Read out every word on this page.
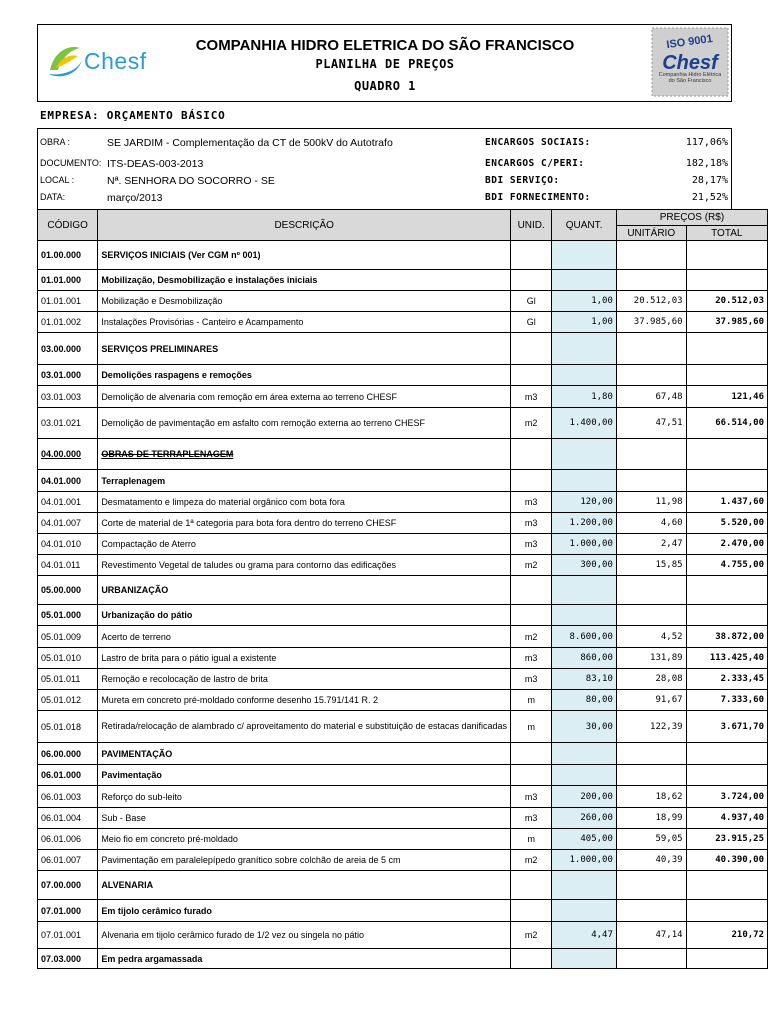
Chesf
COMPANHIA HIDRO ELETRICA DO SÃO FRANCISCO
PLANILHA DE PREÇOS
QUADRO 1
ISO 9001
Chesf
Companhia Hidro Elétrica do São Francisco
EMPRESA: ORÇAMENTO BÁSICO
OBRA :	SE JARDIM - Complementação da CT de 500kV do Autotrafo	ENCARGOS SOCIAIS:	117,06%
DOCUMENTO: ITS-DEAS-003-2013	ENCARGOS C/PERI:	182,18%
LOCAL :	Nª. SENHORA DO SOCORRO - SE	BDI SERVIÇO:	28,17%
DATA:	março/2013	BDI FORNECIMENTO:	21,52%
CÓDIGO	DESCRIÇÃO	UNID.	QUANT.	PREÇOS (R$)	
				UNITÁRIO	TOTAL
01.00.000	SERVIÇOS INICIAIS (Ver CGM nº 001)				
01.01.000	Mobilização, Desmobilização e instalações iniciais				
01.01.001	Mobilização e Desmobilização	Gl	1,00	20.512,03	20.512,03
01.01.002	Instalações Provisórias - Canteiro e Acampamento	Gl	1,00	37.985,60	37.985,60
03.00.000	SERVIÇOS PRELIMINARES				
03.01.000	Demolições raspagens e remoções				
03.01.003	Demolição de alvenaria com remoção em área externa ao terreno CHESF	m3	1,80	67,48	121,46
03.01.021	Demolição de pavimentação em asfalto com remoção externa ao terreno CHESF	m2	1.400,00	47,51	66.514,00
04.00.000	OBRAS DE TERRAPLENAGEM				
04.01.000	Terraplenagem				
04.01.001	Desmatamento e limpeza do material orgânico com bota fora	m3	120,00	11,98	1.437,60
04.01.007	Corte de material de 1ª categoria para bota fora dentro do terreno CHESF	m3	1.200,00	4,60	5.520,00
04.01.010	Compactação de Aterro	m3	1.000,00	2,47	2.470,00
04.01.011	Revestimento Vegetal de taludes ou grama para contorno das edificações	m2	300,00	15,85	4.755,00
05.00.000	URBANIZAÇÃO				
05.01.000	Urbanização do pátio				
05.01.009	Acerto de terreno	m2	8.600,00	4,52	38.872,00
05.01.010	Lastro de brita para o pátio igual a existente	m3	860,00	131,89	113.425,40
05.01.011	Remoção e recolocação de lastro de brita	m3	83,10	28,08	2.333,45
05.01.012	Mureta em concreto pré-moldado conforme desenho 15.791/141 R. 2	m	80,00	91,67	7.333,60
05.01.018	Retirada/relocação de alambrado c/ aproveitamento do material e substituição de estacas danificadas	m	30,00	122,39	3.671,70
06.00.000	PAVIMENTAÇÃO				
06.01.000	Pavimentação				
06.01.003	Reforço do sub-leito	m3	200,00	18,62	3.724,00
06.01.004	Sub - Base	m3	260,00	18,99	4.937,40
06.01.006	Meio fio em concreto pré-moldado	m	405,00	59,05	23.915,25
06.01.007	Pavimentação em paralelepípedo granítico sobre colchão de areia de 5 cm	m2	1.000,00	40,39	40.390,00
07.00.000	ALVENARIA				
07.01.000	Em tijolo cerâmico furado				
07.01.001	Alvenaria em tijolo cerâmico furado de 1/2 vez ou singela no pátio	m2	4,47	47,14	210,72
07.03.000	Em pedra argamassada				
